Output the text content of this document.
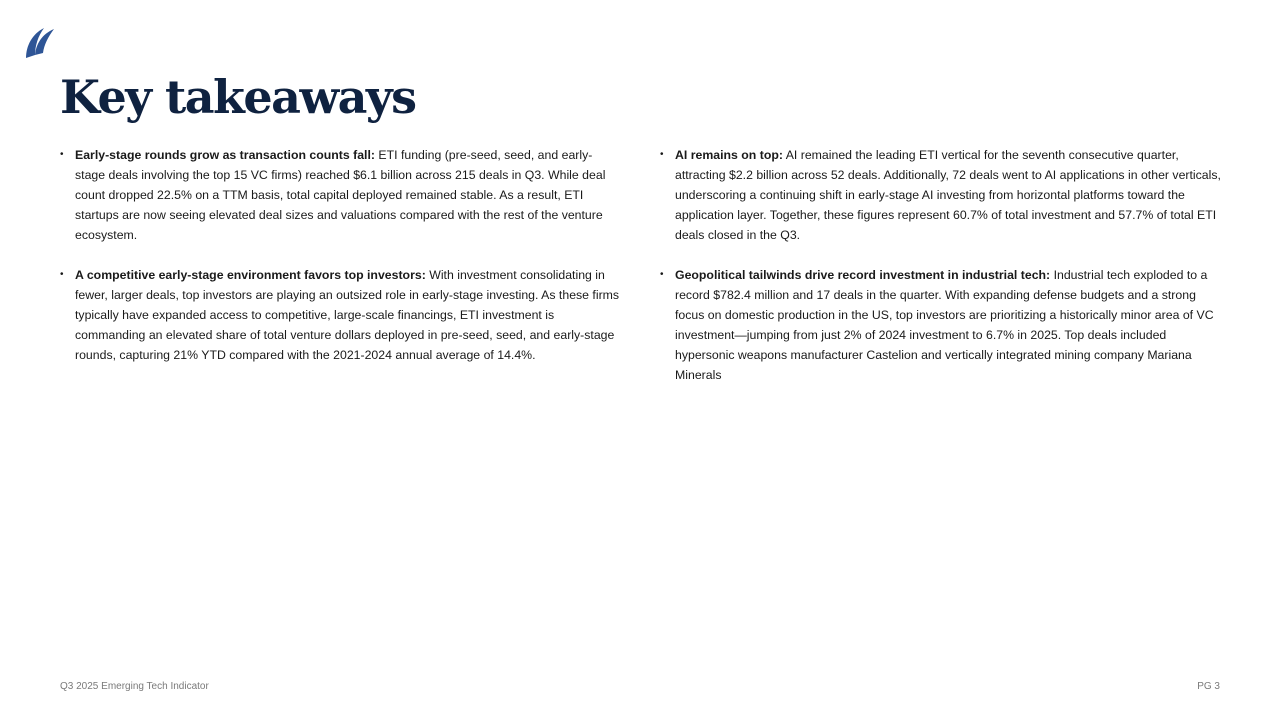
Key takeaways
• Early-stage rounds grow as transaction counts fall: ETI funding (pre-seed, seed, and early-stage deals involving the top 15 VC firms) reached $6.1 billion across 215 deals in Q3. While deal count dropped 22.5% on a TTM basis, total capital deployed remained stable. As a result, ETI startups are now seeing elevated deal sizes and valuations compared with the rest of the venture ecosystem.
• A competitive early-stage environment favors top investors: With investment consolidating in fewer, larger deals, top investors are playing an outsized role in early-stage investing. As these firms typically have expanded access to competitive, large-scale financings, ETI investment is commanding an elevated share of total venture dollars deployed in pre-seed, seed, and early-stage rounds, capturing 21% YTD compared with the 2021-2024 annual average of 14.4%.
• AI remains on top: AI remained the leading ETI vertical for the seventh consecutive quarter, attracting $2.2 billion across 52 deals. Additionally, 72 deals went to AI applications in other verticals, underscoring a continuing shift in early-stage AI investing from horizontal platforms toward the application layer. Together, these figures represent 60.7% of total investment and 57.7% of total ETI deals closed in the Q3.
• Geopolitical tailwinds drive record investment in industrial tech: Industrial tech exploded to a record $782.4 million and 17 deals in the quarter. With expanding defense budgets and a strong focus on domestic production in the US, top investors are prioritizing a historically minor area of VC investment—jumping from just 2% of 2024 investment to 6.7% in 2025. Top deals included hypersonic weapons manufacturer Castelion and vertically integrated mining company Mariana Minerals
Q3 2025 Emerging Tech Indicator	PG 3
